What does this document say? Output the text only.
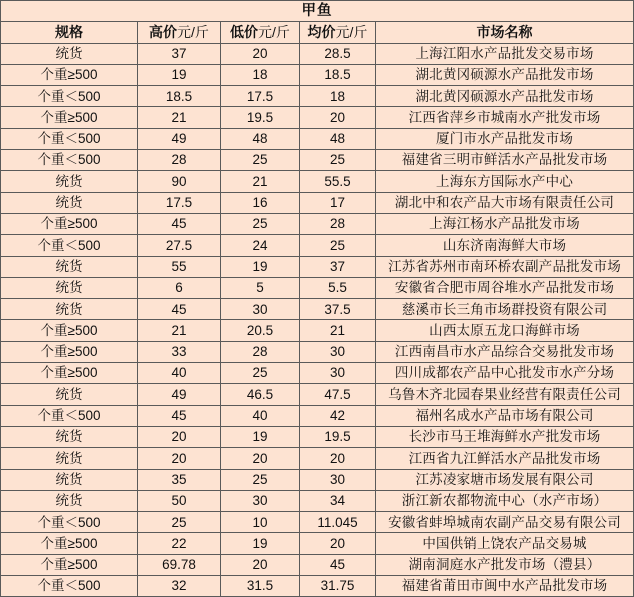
甲鱼				
规格	高价元/斤	低价元/斤	均价元/斤	市场名称
统货	37	20	28.5	上海江阳水产品批发交易市场
个重≥500	19	18	18.5	湖北黄冈硕源水产品批发市场
个重＜500	18.5	17.5	18	湖北黄冈硕源水产品批发市场
个重≥500	21	19.5	20	江西省萍乡市城南水产批发市场
个重＜500	49	48	48	厦门市水产品批发市场
个重＜500	28	25	25	福建省三明市鲜活水产品批发市场
统货	90	21	55.5	上海东方国际水产中心
统货	17.5	16	17	湖北中和农产品大市场有限责任公司
个重≥500	45	25	28	上海江杨水产品批发市场
个重＜500	27.5	24	25	山东济南海鲜大市场
统货	55	19	37	江苏省苏州市南环桥农副产品批发市场
统货	6	5	5.5	安徽省合肥市周谷堆水产品批发市场
统货	45	30	37.5	慈溪市长三角市场群投资有限公司
个重≥500	21	20.5	21	山西太原五龙口海鲜市场
个重≥500	33	28	30	江西南昌市水产品综合交易批发市场
个重≥500	40	25	30	四川成都农产品中心批发市水产分场
统货	49	46.5	47.5	乌鲁木齐北园春果业经营有限责任公司
个重＜500	45	40	42	福州名成水产品市场有限公司
统货	20	19	19.5	长沙市马王堆海鲜水产批发市场
统货	20	20	20	江西省九江鲜活水产品批发市场
统货	35	25	30	江苏凌家塘市场发展有限公司
统货	50	30	34	浙江新农都物流中心（水产市场）
个重＜500	25	10	11.045	安徽省蚌埠城南农副产品交易有限公司
个重≥500	22	19	20	中国供销上饶农产品交易城
个重≥500	69.78	20	45	湖南洞庭水产批发市场（澧县）
个重＜500	32	31.5	31.75	福建省莆田市闽中水产品批发市场
